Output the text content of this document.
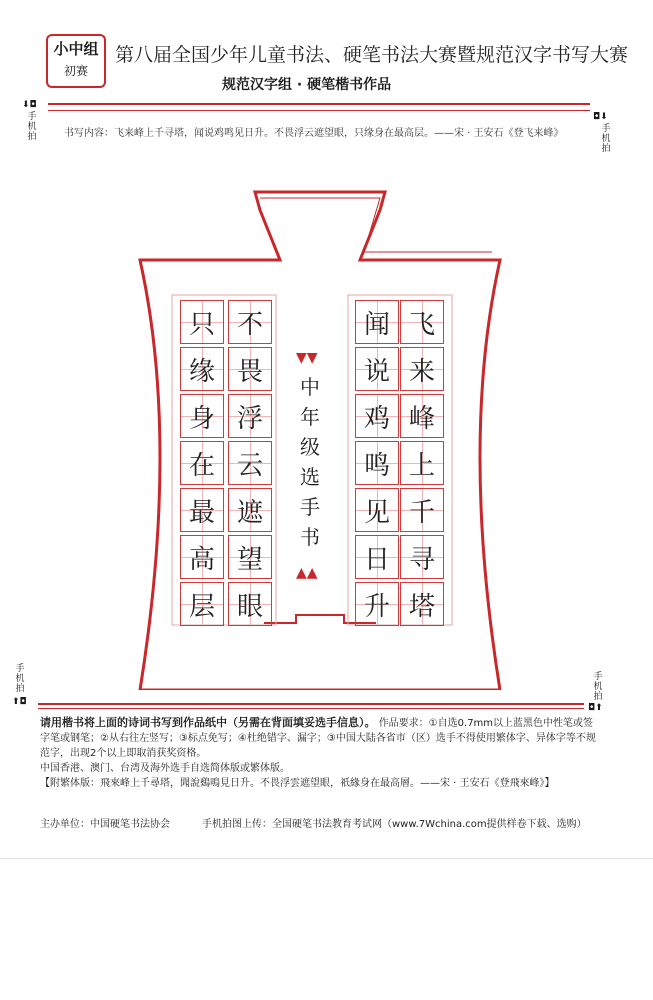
小中组
初赛
第八届全国少年儿童书法、硬笔书法大赛暨规范汉字书写大赛
规范汉字组 · 硬笔楷书作品
⬇◘
手机拍
◘⬇
手机拍
手机拍
⬆◘
手机拍
◘⬆
书写内容：飞来峰上千寻塔，闻说鸡鸣见日升。不畏浮云遮望眼，只缘身在最高层。——宋 · 王安石《登飞来峰》
飞
来
峰
上
千
寻
塔
闻
说
鸡
鸣
见
日
升
不
畏
浮
云
遮
望
眼
只
缘
身
在
最
高
层
▼▼
中
年
级
选
手
书
▲▲
请用楷书将上面的诗词书写到作品纸中（另需在背面填妥选手信息）。 作品要求：①自选0.7mm以上蓝黑色中性笔或签字笔或钢笔；②从右往左竖写；③标点免写；④杜绝错字、漏字；③中国大陆各省市（区）选手不得使用繁体字、异体字等不规范字，出现2个以上即取消获奖资格。
中国香港、澳门、台湾及海外选手自选简体版或繁体版。
【附繁体版：飛來峰上千尋塔，聞說鷄鳴見日升。不畏浮雲遮望眼，祇緣身在最高層。——宋 · 王安石《登飛來峰》】
主办单位：中国硬笔书法协会	手机拍图上传：全国硬笔书法教育考试网（www.7Wchina.com提供样卷下载、选购）
